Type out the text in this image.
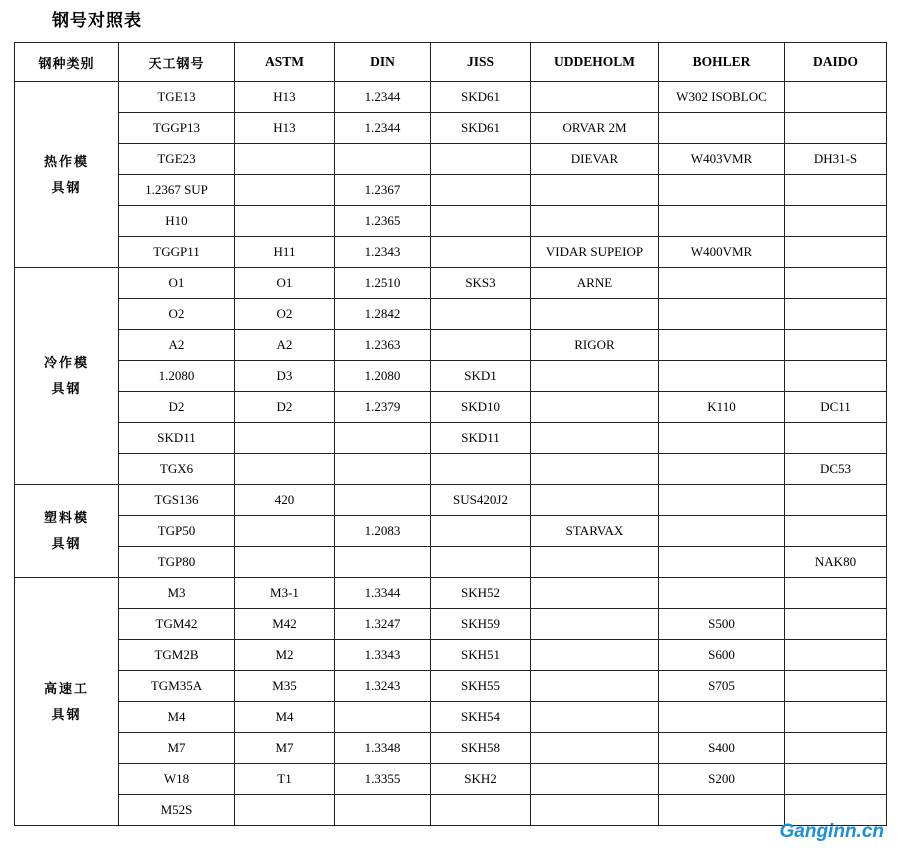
钢号对照表
钢种类别	天工钢号	ASTM	DIN	JISS	UDDEHOLM	BOHLER	DAIDO
热作模具钢	TGE13	H13	1.2344	SKD61		W302 ISOBLOC	
	TGGP13	H13	1.2344	SKD61	ORVAR 2M		
	TGE23				DIEVAR	W403VMR	DH31-S
	1.2367 SUP		1.2367				
	H10		1.2365				
	TGGP11	H11	1.2343		VIDAR SUPEIOP	W400VMR	
冷作模具钢	O1	O1	1.2510	SKS3	ARNE		
	O2	O2	1.2842				
	A2	A2	1.2363		RIGOR		
	1.2080	D3	1.2080	SKD1			
	D2	D2	1.2379	SKD10		K110	DC11
	SKD11			SKD11			
	TGX6						DC53
塑料模具钢	TGS136	420		SUS420J2			
	TGP50		1.2083		STARVAX		
	TGP80						NAK80
高速工具钢	M3	M3-1	1.3344	SKH52			
	TGM42	M42	1.3247	SKH59		S500	
	TGM2B	M2	1.3343	SKH51		S600	
	TGM35A	M35	1.3243	SKH55		S705	
	M4	M4		SKH54			
	M7	M7	1.3348	SKH58		S400	
	W18	T1	1.3355	SKH2		S200	
	M52S						
Ganginn.cn
